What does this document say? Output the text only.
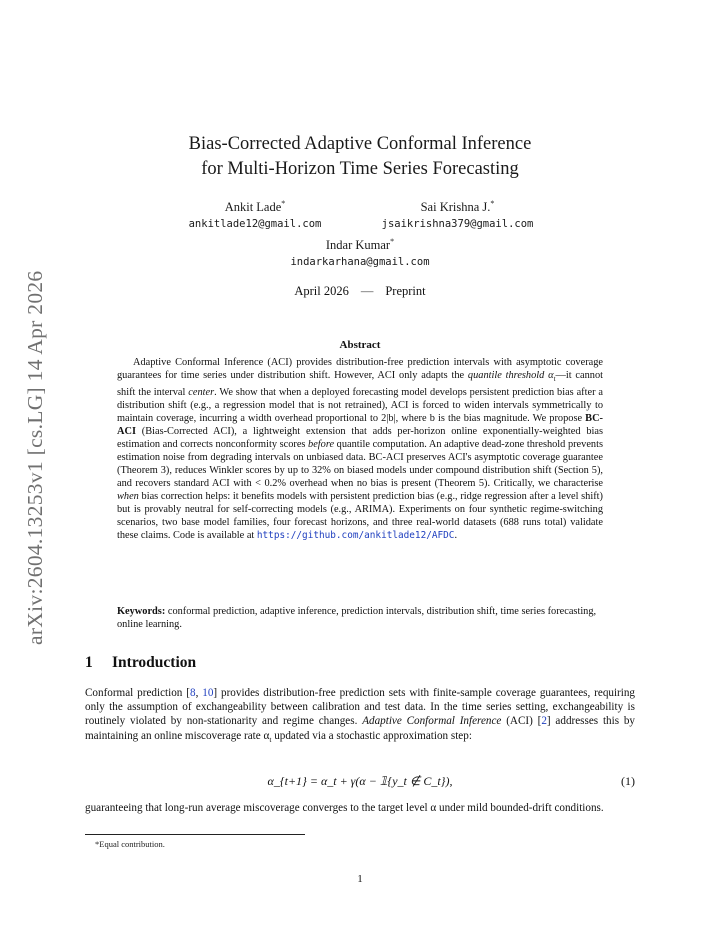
arXiv:2604.13253v1 [cs.LG] 14 Apr 2026
Bias-Corrected Adaptive Conformal Inference
for Multi-Horizon Time Series Forecasting
Ankit Lade*
ankitlade12@gmail.com
Sai Krishna J.*
jsaikrishna379@gmail.com
Indar Kumar*
indarkarhana@gmail.com
April 2026 — Preprint
Abstract
Adaptive Conformal Inference (ACI) provides distribution-free prediction intervals with asymptotic coverage guarantees for time series under distribution shift. However, ACI only adapts the quantile threshold $\alpha_t—it$ cannot shift the interval center. We show that when a deployed forecasting model develops persistent prediction bias after a distribution shift (e.g., a regression model that is not retrained), ACI is forced to widen intervals symmetrically to maintain coverage, incurring a width overhead proportional to 2|b|, where b is the bias magnitude. We propose BC-ACI (Bias-Corrected ACI), a lightweight extension that adds per-horizon online exponentially-weighted bias estimation and corrects nonconformity scores before quantile computation. An adaptive dead-zone threshold prevents estimation noise from degrading intervals on unbiased data. BC-ACI preserves ACI's asymptotic coverage guarantee (Theorem 3), reduces Winkler scores by up to 32% on biased models under compound distribution shift (Section 5), and recovers standard ACI with < 0.2% overhead when no bias is present (Theorem 5). Critically, we characterise when bias correction helps: it benefits models with persistent prediction bias (e.g., ridge regression after a level shift) but is provably neutral for self-correcting models (e.g., ARIMA). Experiments on four synthetic regime-switching scenarios, two base model families, four forecast horizons, and three real-world datasets (688 runs total) validate these claims. Code is available at https://github.com/ankitlade12/AFDC.
Keywords: conformal prediction, adaptive inference, prediction intervals, distribution shift, time series forecasting, online learning.
1 Introduction
Conformal prediction [8, 10] provides distribution-free prediction sets with finite-sample coverage guarantees, requiring only the assumption of exchangeability between calibration and test data. In the time series setting, exchangeability is routinely violated by non-stationarity and regime changes. Adaptive Conformal Inference (ACI) [2] addresses this by maintaining an online miscoverage rate $\alpha_t$ updated via a stochastic approximation step:
α_{t+1} = α_t + γ(α − 𝟙{y_t ∉ C_t}),	(1)
guaranteeing that long-run average miscoverage converges to the target level α under mild bounded-drift conditions.
*Equal contribution.
1
